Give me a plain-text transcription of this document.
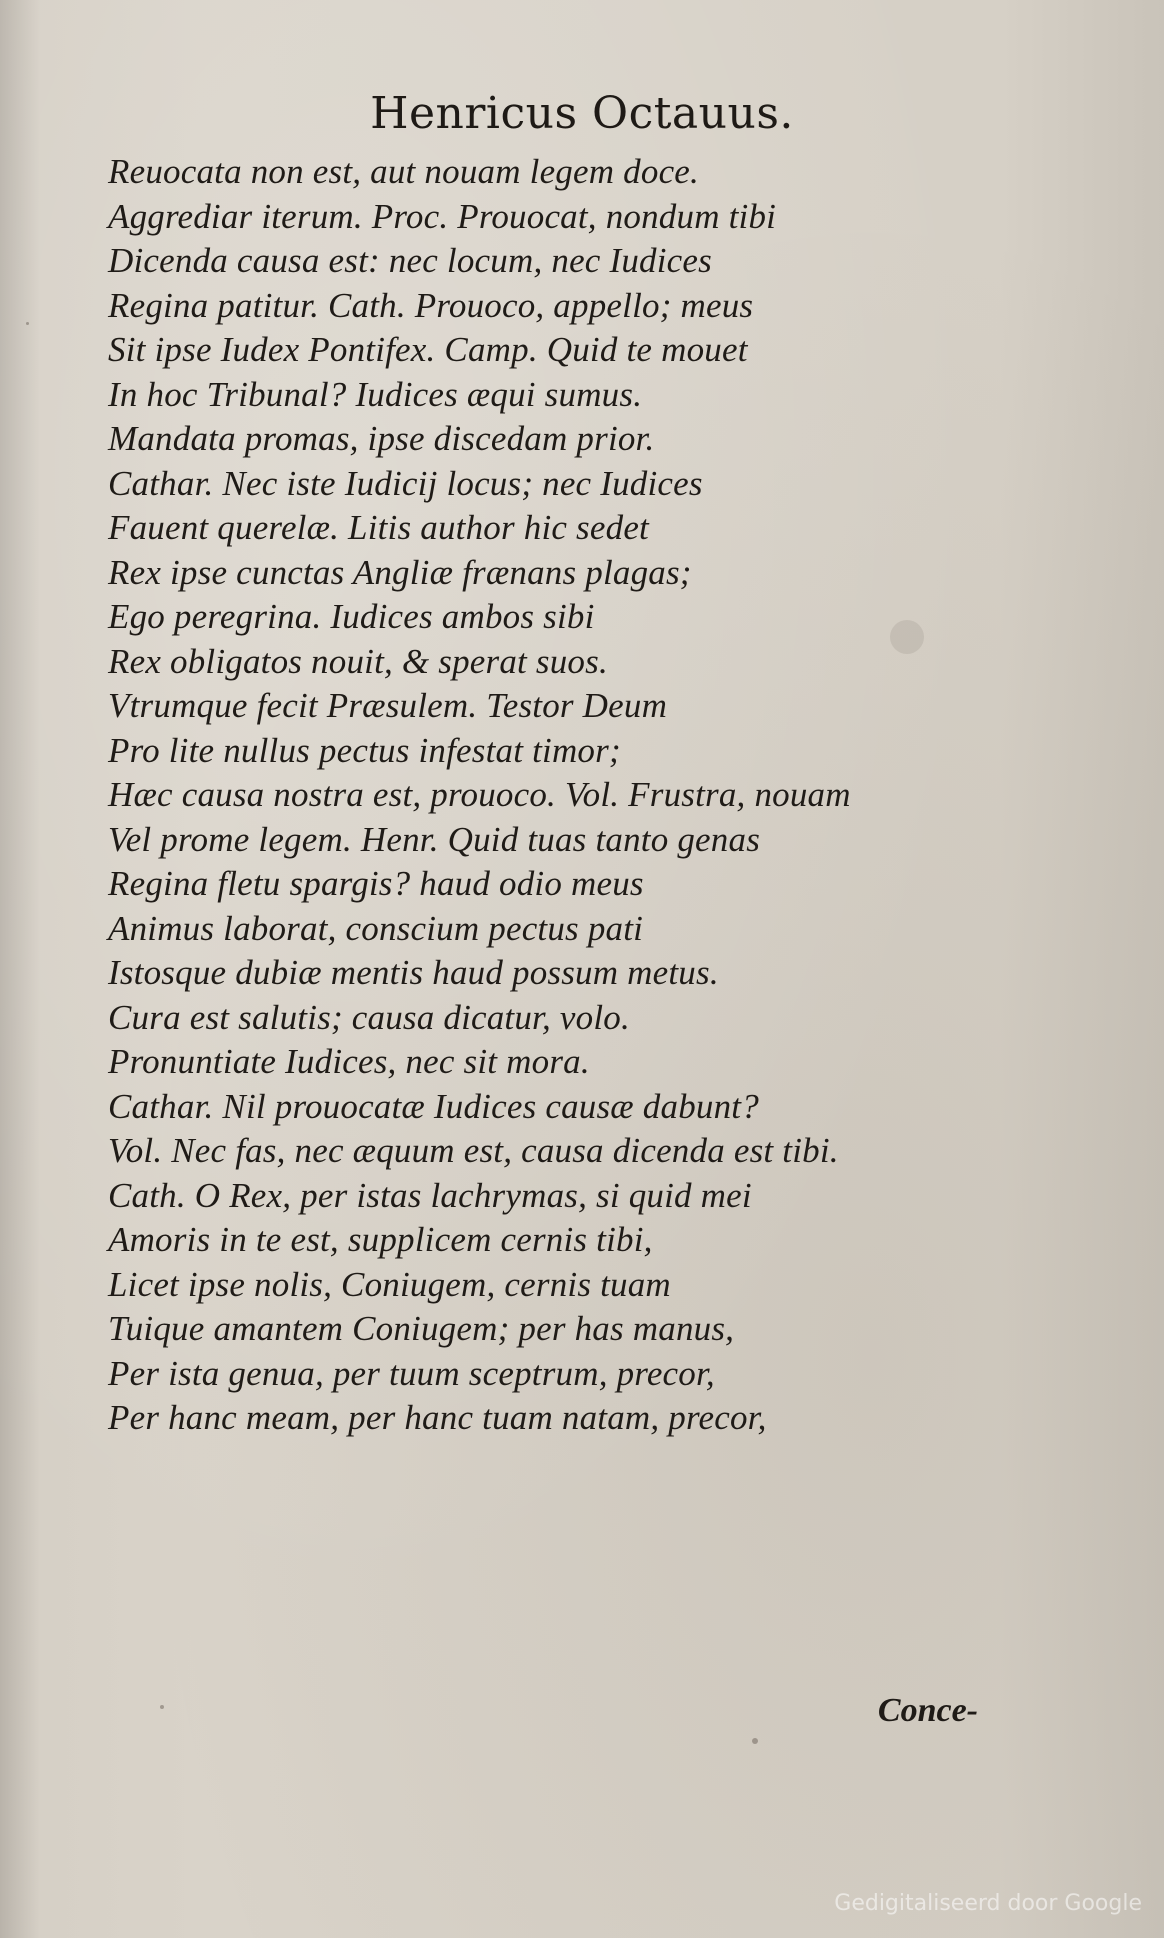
Henricus Octauus.
Reuocata non est, aut nouam legem doce.
Aggrediar iterum. Proc. Prouocat, nondum tibi
Dicenda causa est: nec locum, nec Iudices
Regina patitur. Cath. Prouoco, appello; meus
Sit ipse Iudex Pontifex. Camp. Quid te mouet
In hoc Tribunal? Iudices æqui sumus.
Mandata promas, ipse discedam prior.
Cathar. Nec iste Iudicij locus; nec Iudices
Fauent querelæ. Litis author hic sedet
Rex ipse cunctas Angliæ frænans plagas;
Ego peregrina. Iudices ambos sibi
Rex obligatos nouit, & sperat suos.
Vtrumque fecit Præsulem. Testor Deum
Pro lite nullus pectus infestat timor;
Hæc causa nostra est, prouoco. Vol. Frustra, nouam
Vel prome legem. Henr. Quid tuas tanto genas
Regina fletu spargis? haud odio meus
Animus laborat, conscium pectus pati
Istosque dubiæ mentis haud possum metus.
Cura est salutis; causa dicatur, volo.
Pronuntiate Iudices, nec sit mora.
Cathar. Nil prouocatæ Iudices causæ dabunt?
Vol. Nec fas, nec æquum est, causa dicenda est tibi.
Cath. O Rex, per istas lachrymas, si quid mei
Amoris in te est, supplicem cernis tibi,
Licet ipse nolis, Coniugem, cernis tuam
Tuique amantem Coniugem; per has manus,
Per ista genua, per tuum sceptrum, precor,
Per hanc meam, per hanc tuam natam, precor,
Conce-
Gedigitaliseerd door Google
